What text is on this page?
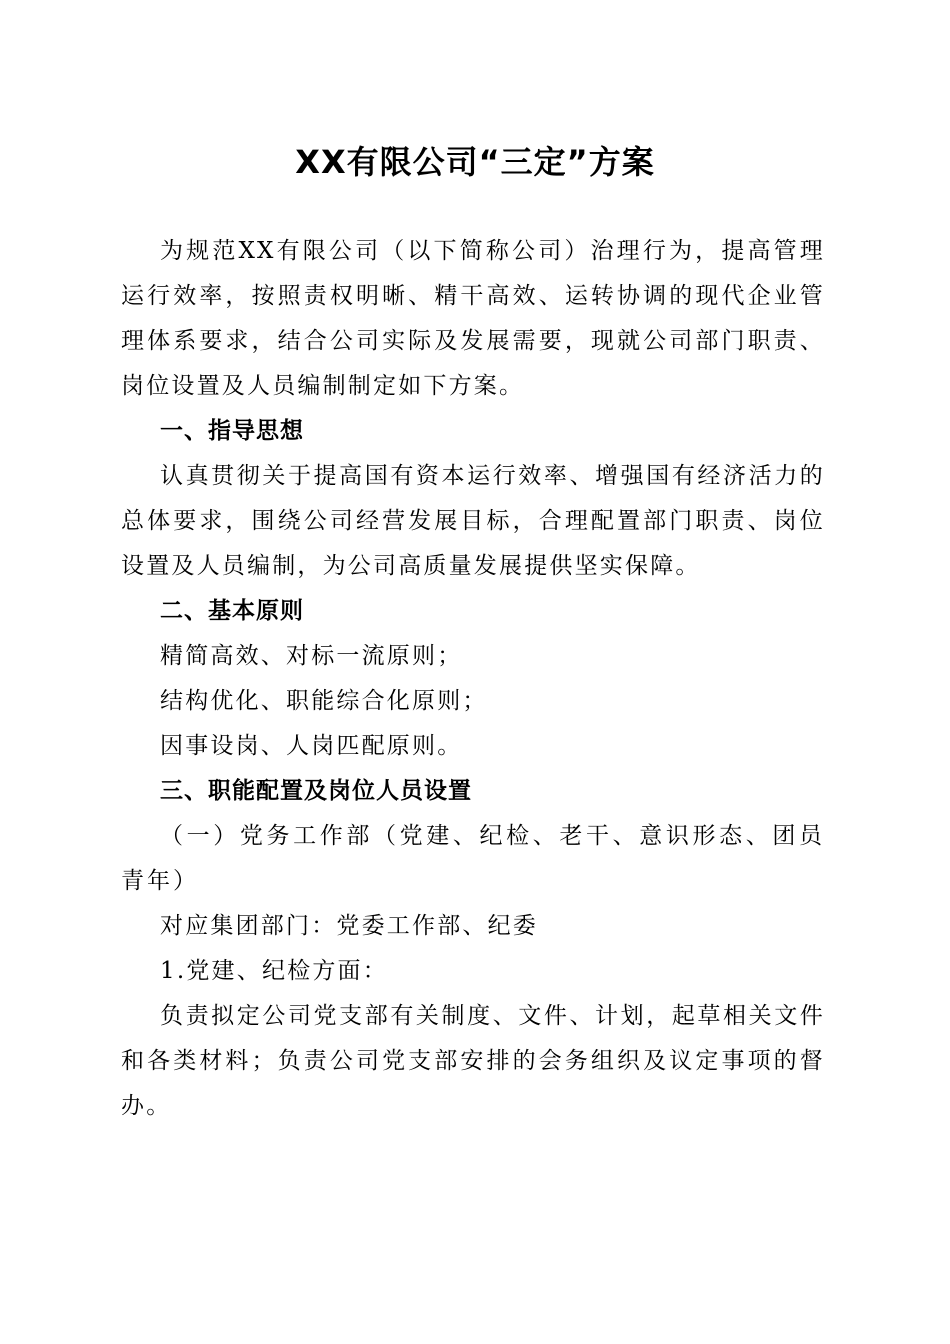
XX有限公司“三定”方案

为规范XX有限公司（以下简称公司）治理行为，提高管理运行效率，按照责权明晰、精干高效、运转协调的现代企业管理体系要求，结合公司实际及发展需要，现就公司部门职责、岗位设置及人员编制制定如下方案。

一、指导思想

认真贯彻关于提高国有资本运行效率、增强国有经济活力的总体要求，围绕公司经营发展目标，合理配置部门职责、岗位设置及人员编制，为公司高质量发展提供坚实保障。

二、基本原则

精简高效、对标一流原则；

结构优化、职能综合化原则；

因事设岗、人岗匹配原则。

三、职能配置及岗位人员设置

（一）党务工作部（党建、纪检、老干、意识形态、团员青年）

对应集团部门：党委工作部、纪委

1.党建、纪检方面：

负责拟定公司党支部有关制度、文件、计划，起草相关文件和各类材料；负责公司党支部安排的会务组织及议定事项的督办。
